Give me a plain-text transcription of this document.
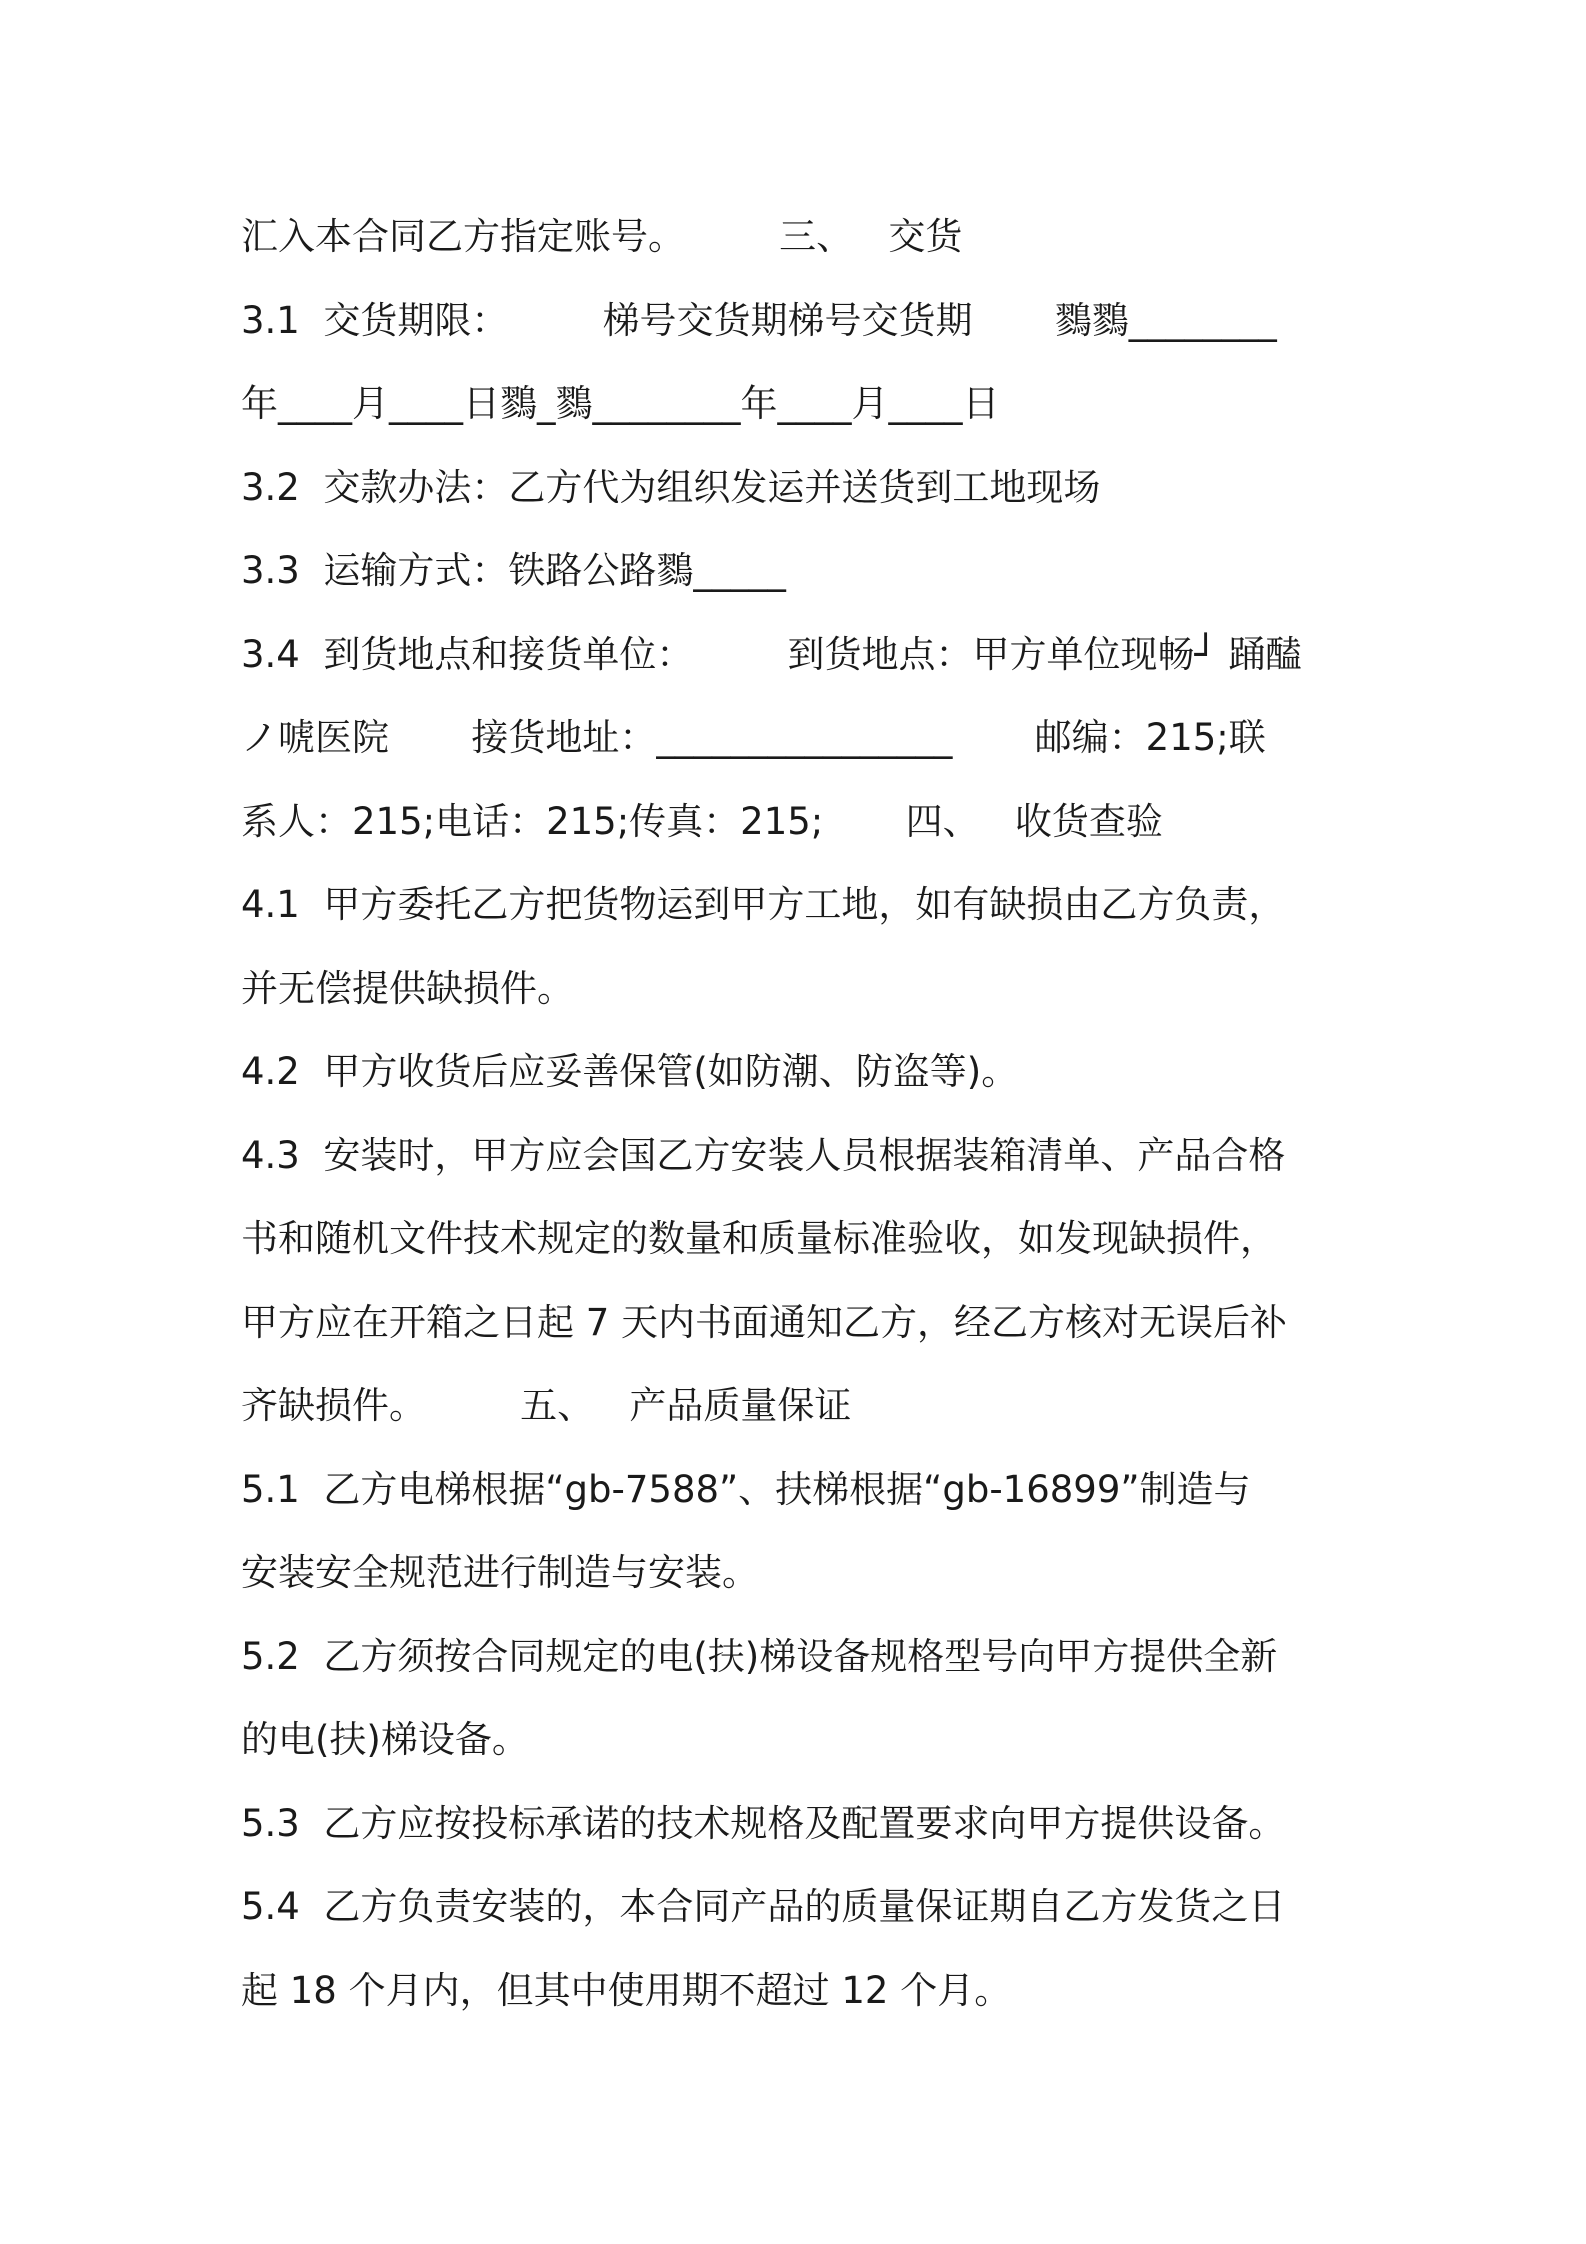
汇入本合同乙方指定账号。        三、   交货
3.1  交货期限：        梯号交货期梯号交货期       鷚鷚________
年____月____日鷚_鷚________年____月____日
3.2  交款办法：乙方代为组织发运并送货到工地现场
3.3  运输方式：铁路公路鷚_____
3.4  到货地点和接货单位：        到货地点：甲方单位现畅┘ 踊醘
ノ唬医院       接货地址：________________       邮编：215;联
系人：215;电话：215;传真：215;       四、   收货查验
4.1  甲方委托乙方把货物运到甲方工地，如有缺损由乙方负责，
并无偿提供缺损件。
4.2  甲方收货后应妥善保管(如防潮、防盗等)。
4.3  安装时，甲方应会国乙方安装人员根据装箱清单、产品合格
书和随机文件技术规定的数量和质量标准验收，如发现缺损件，
甲方应在开箱之日起 7 天内书面通知乙方，经乙方核对无误后补
齐缺损件。        五、   产品质量保证
5.1  乙方电梯根据“gb-7588”、扶梯根据“gb-16899”制造与
安装安全规范进行制造与安装。
5.2  乙方须按合同规定的电(扶)梯设备规格型号向甲方提供全新
的电(扶)梯设备。
5.3  乙方应按投标承诺的技术规格及配置要求向甲方提供设备。
5.4  乙方负责安装的，本合同产品的质量保证期自乙方发货之日
起 18 个月内，但其中使用期不超过 12 个月。
